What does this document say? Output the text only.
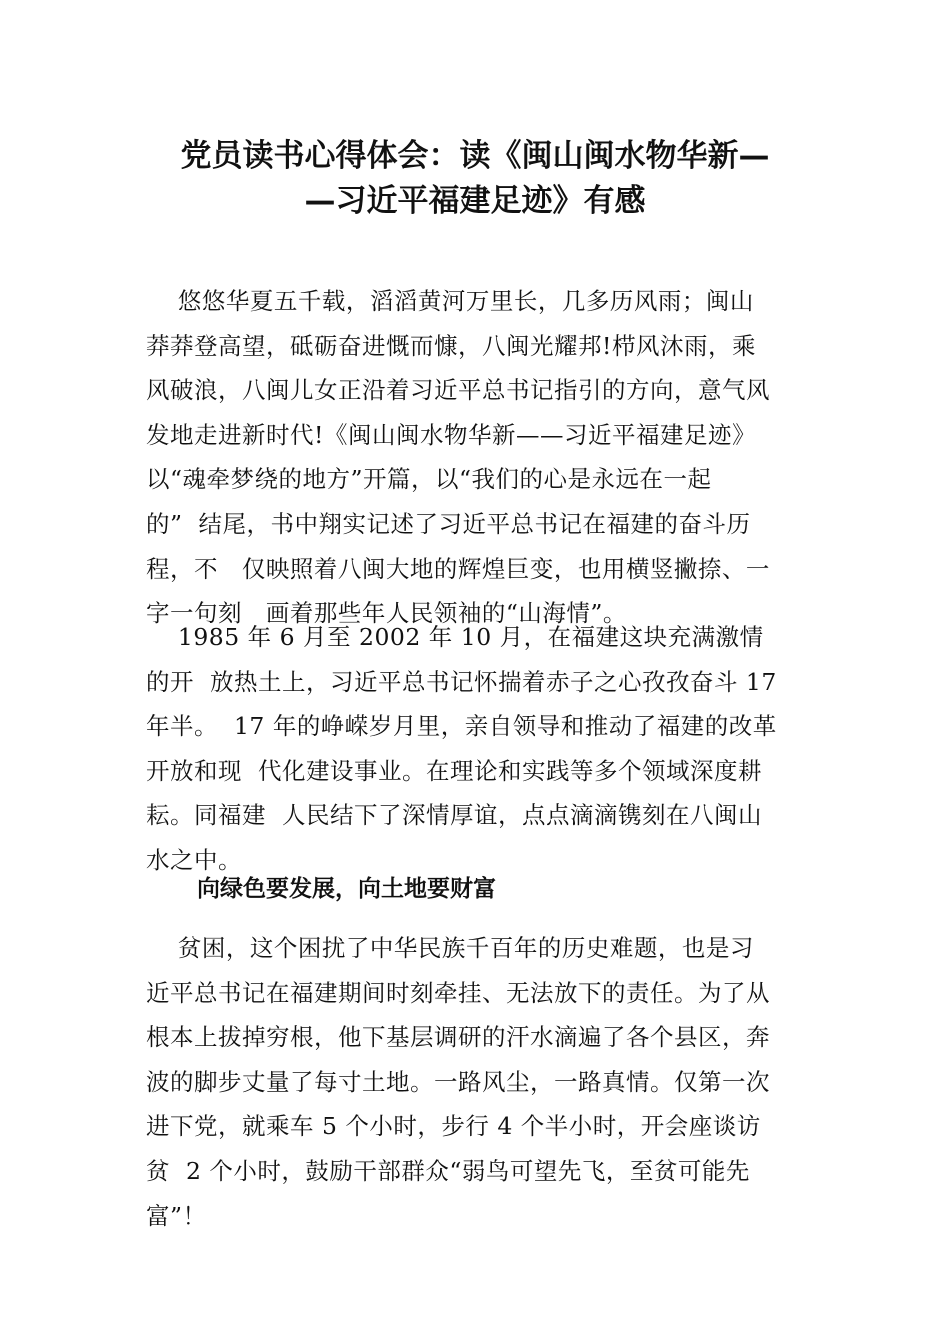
党员读书心得体会：读《闽山闽水物华新—
—习近平福建足迹》有感
悠悠华夏五千载，滔滔黄河万里长，几多历风雨；闽山
莽莽登高望，砥砺奋进慨而慷，八闽光耀邦!栉风沐雨，乘
风破浪，八闽儿女正沿着习近平总书记指引的方向，意气风
发地走进新时代!《闽山闽水物华新——习近平福建足迹》
以“魂牵梦绕的地方”开篇，以“我们的心是永远在一起
的”  结尾，书中翔实记述了习近平总书记在福建的奋斗历
程，不   仅映照着八闽大地的辉煌巨变，也用横竖撇捺、一
字一句刻   画着那些年人民领袖的“山海情”。
1985 年 6 月至 2002 年 10 月，在福建这块充满激情
的开  放热土上，习近平总书记怀揣着赤子之心孜孜奋斗 17
年半。  17 年的峥嵘岁月里，亲自领导和推动了福建的改革
开放和现  代化建设事业。在理论和实践等多个领域深度耕
耘。同福建  人民结下了深情厚谊，点点滴滴镌刻在八闽山
水之中。
向绿色要发展，向土地要财富
贫困，这个困扰了中华民族千百年的历史难题，也是习
近平总书记在福建期间时刻牵挂、无法放下的责任。为了从
根本上拔掉穷根，他下基层调研的汗水滴遍了各个县区，奔
波的脚步丈量了每寸土地。一路风尘，一路真情。仅第一次
进下党，就乘车 5 个小时，步行 4 个半小时，开会座谈访
贫  2 个小时，鼓励干部群众“弱鸟可望先飞，至贫可能先
富”！
